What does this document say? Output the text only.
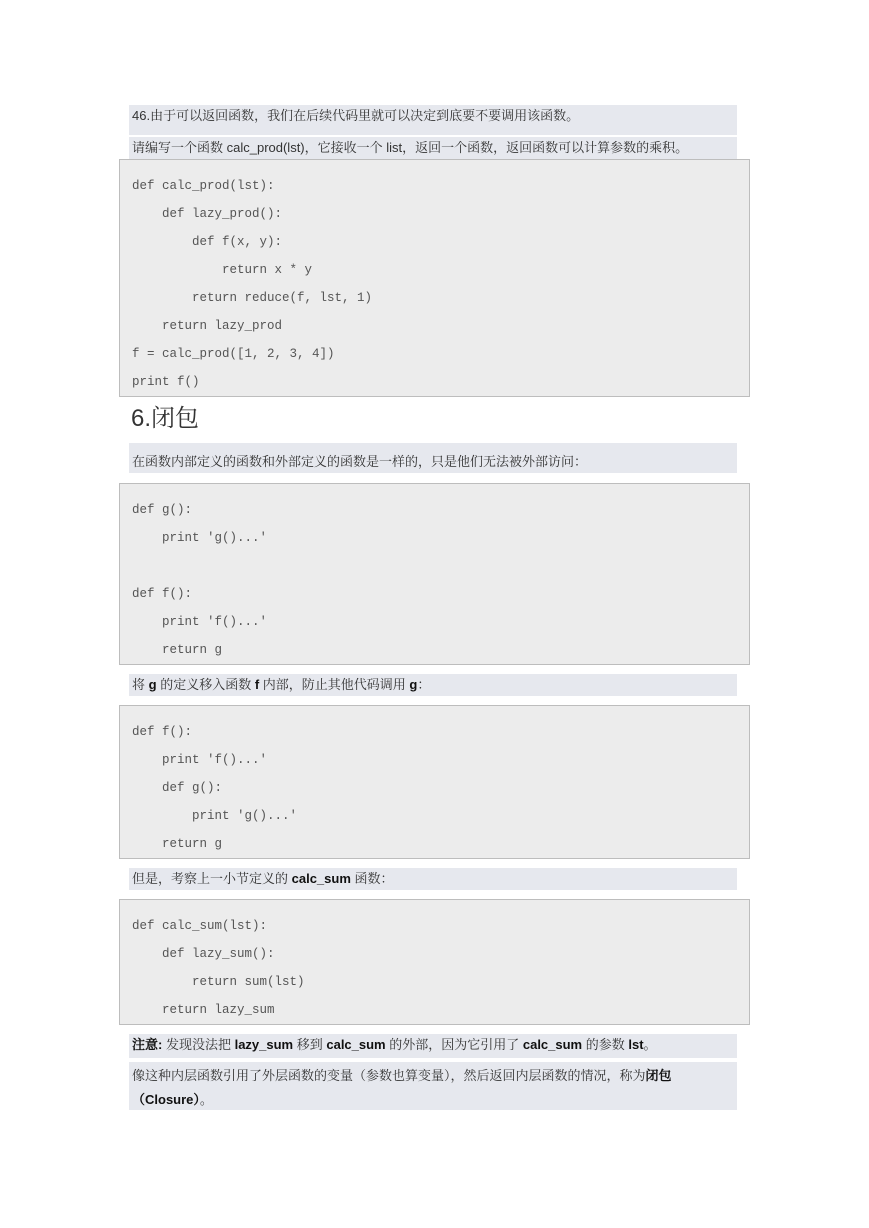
46.由于可以返回函数，我们在后续代码里就可以决定到底要不要调用该函数。
请编写一个函数 calc_prod(lst)，它接收一个 list，返回一个函数，返回函数可以计算参数的乘积。
def calc_prod(lst):
def lazy_prod():
def f(x, y):
return x * y
return reduce(f, lst, 1)
return lazy_prod
f = calc_prod([1, 2, 3, 4])
print f()
6.闭包
在函数内部定义的函数和外部定义的函数是一样的，只是他们无法被外部访问：
def g():
print 'g()...'
def f():
print 'f()...'
return g
将 g 的定义移入函数 f 内部，防止其他代码调用 g：
def f():
print 'f()...'
def g():
print 'g()...'
return g
但是，考察上一小节定义的 calc_sum 函数：
def calc_sum(lst):
def lazy_sum():
return sum(lst)
return lazy_sum
注意: 发现没法把 lazy_sum 移到 calc_sum 的外部，因为它引用了 calc_sum 的参数 lst。
像这种内层函数引用了外层函数的变量（参数也算变量），然后返回内层函数的情况，称为闭包
（Closure）。
